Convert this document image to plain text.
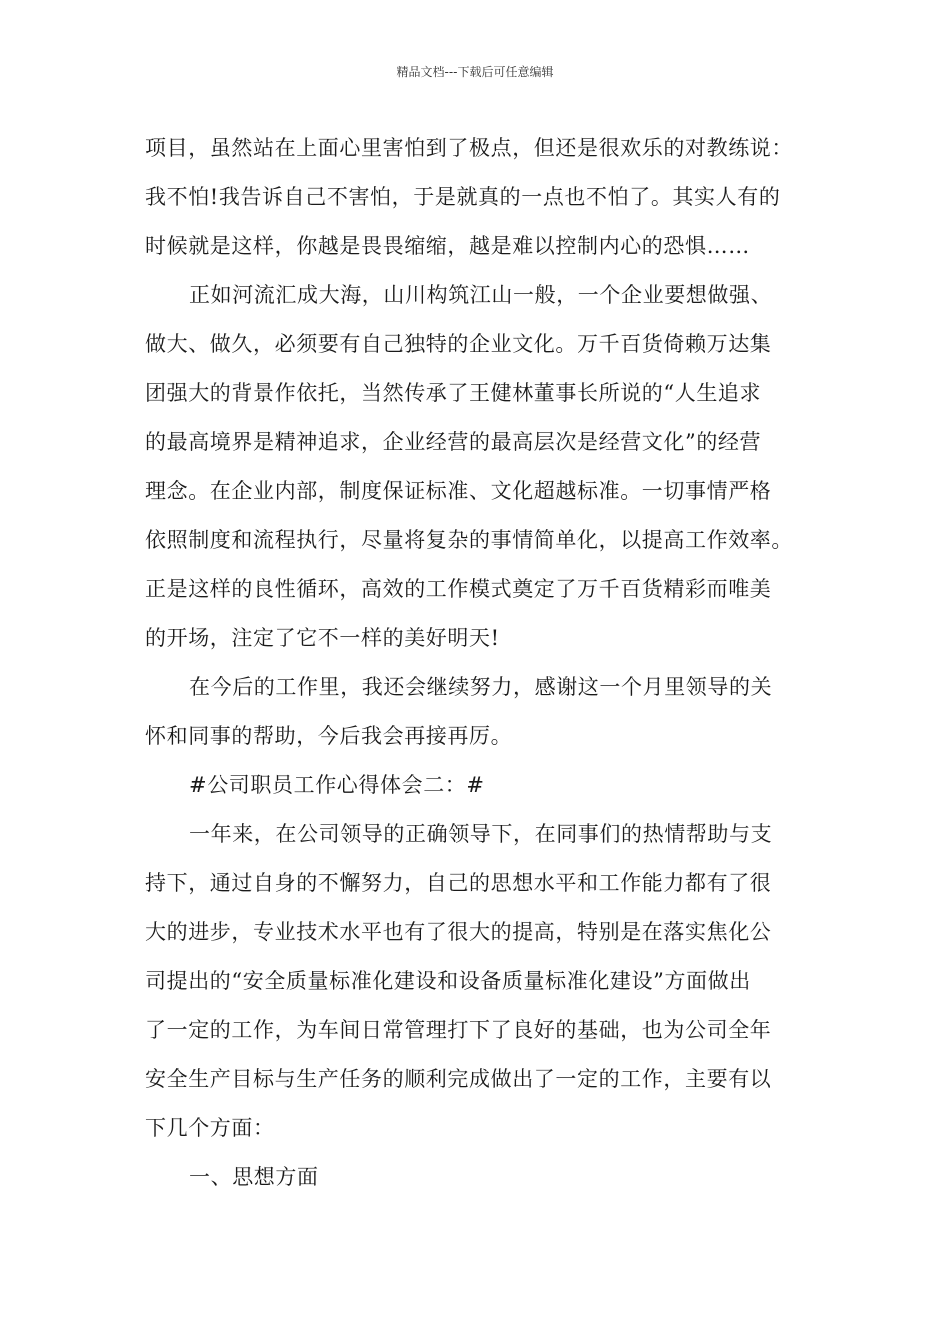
精品文档---下载后可任意编辑

项目，虽然站在上面心里害怕到了极点，但还是很欢乐的对教练说：
我不怕!我告诉自己不害怕，于是就真的一点也不怕了。其实人有的
时候就是这样，你越是畏畏缩缩，越是难以控制内心的恐惧……

正如河流汇成大海，山川构筑江山一般，一个企业要想做强、
做大、做久，必须要有自己独特的企业文化。万千百货倚赖万达集
团强大的背景作依托，当然传承了王健林董事长所说的“人生追求
的最高境界是精神追求，企业经营的最高层次是经营文化”的经营
理念。在企业内部，制度保证标准、文化超越标准。一切事情严格
依照制度和流程执行，尽量将复杂的事情简单化，以提高工作效率。
正是这样的良性循环，高效的工作模式奠定了万千百货精彩而唯美
的开场，注定了它不一样的美好明天!

在今后的工作里，我还会继续努力，感谢这一个月里领导的关
怀和同事的帮助，今后我会再接再厉。

#公司职员工作心得体会二：#

一年来，在公司领导的正确领导下，在同事们的热情帮助与支
持下，通过自身的不懈努力，自己的思想水平和工作能力都有了很
大的进步，专业技术水平也有了很大的提高，特别是在落实焦化公
司提出的“安全质量标准化建设和设备质量标准化建设”方面做出
了一定的工作，为车间日常管理打下了良好的基础，也为公司全年
安全生产目标与生产任务的顺利完成做出了一定的工作，主要有以
下几个方面：

一、思想方面
